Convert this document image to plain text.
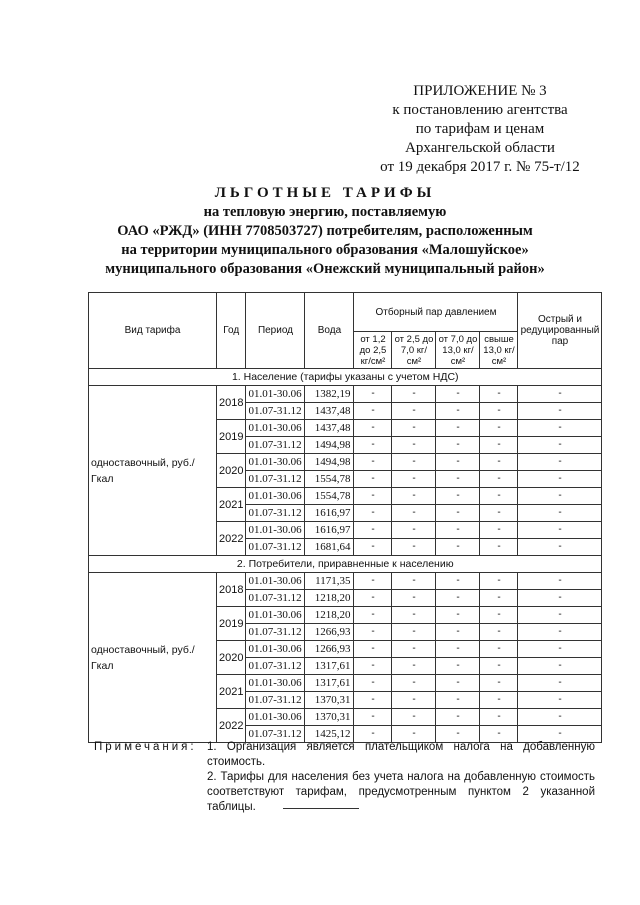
ПРИЛОЖЕНИЕ № 3
к постановлению агентства
по тарифам и ценам
Архангельской области
от 19 декабря 2017 г. № 75-т/12
ЛЬГОТНЫЕ ТАРИФЫ
на тепловую энергию, поставляемую
ОАО «РЖД» (ИНН 7708503727) потребителям, расположенным
на территории муниципального образования «Малошуйское»
муниципального образования «Онежский муниципальный район»
Вид тарифа	Год	Период	Вода	Отборный пар давлением				Острый и редуцированный пар
				от 1,2 до 2,5 кг/см²	от 2,5 до 7,0 кг/см²	от 7,0 до 13,0 кг/см²	свыше 13,0 кг/см²	
1. Население (тарифы указаны с учетом НДС)								
одноставочный, руб./Гкал	2018	01.01-30.06	1382,19	-	-	-	-	-
		01.07-31.12	1437,48	-	-	-	-	-
	2019	01.01-30.06	1437,48	-	-	-	-	-
		01.07-31.12	1494,98	-	-	-	-	-
	2020	01.01-30.06	1494,98	-	-	-	-	-
		01.07-31.12	1554,78	-	-	-	-	-
	2021	01.01-30.06	1554,78	-	-	-	-	-
		01.07-31.12	1616,97	-	-	-	-	-
	2022	01.01-30.06	1616,97	-	-	-	-	-
		01.07-31.12	1681,64	-	-	-	-	-
2. Потребители, приравненные к населению								
одноставочный, руб./Гкал	2018	01.01-30.06	1171,35	-	-	-	-	-
		01.07-31.12	1218,20	-	-	-	-	-
	2019	01.01-30.06	1218,20	-	-	-	-	-
		01.07-31.12	1266,93	-	-	-	-	-
	2020	01.01-30.06	1266,93	-	-	-	-	-
		01.07-31.12	1317,61	-	-	-	-	-
	2021	01.01-30.06	1317,61	-	-	-	-	-
		01.07-31.12	1370,31	-	-	-	-	-
	2022	01.01-30.06	1370,31	-	-	-	-	-
		01.07-31.12	1425,12	-	-	-	-	-
Примечания: 1. Организация является плательщиком налога на добавленную стоимость.
2. Тарифы для населения без учета налога на добавленную стоимость соответствуют тарифам, предусмотренным пунктом 2 указанной таблицы.
